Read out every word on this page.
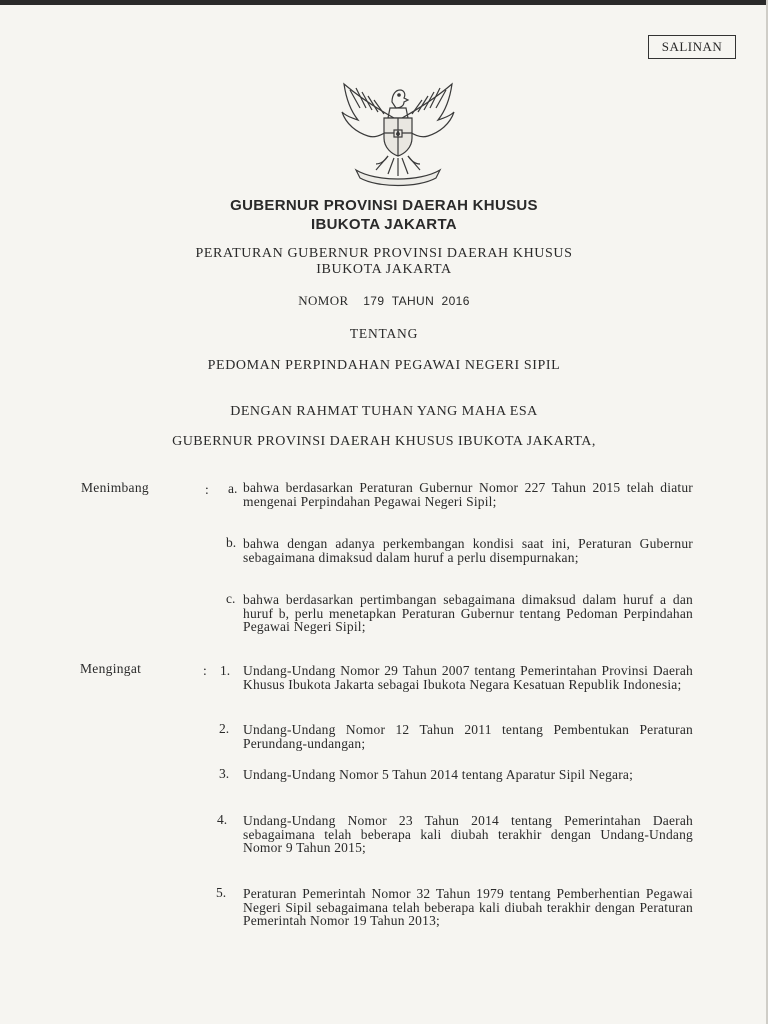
SALINAN
GUBERNUR PROVINSI DAERAH KHUSUS
IBUKOTA JAKARTA
PERATURAN GUBERNUR PROVINSI DAERAH KHUSUS
IBUKOTA JAKARTA
NOMOR 179 TAHUN 2016
TENTANG
PEDOMAN PERPINDAHAN PEGAWAI NEGERI SIPIL
DENGAN RAHMAT TUHAN YANG MAHA ESA
GUBERNUR PROVINSI DAERAH KHUSUS IBUKOTA JAKARTA,
Menimbang	: a. bahwa berdasarkan Peraturan Gubernur Nomor 227 Tahun 2015 telah diatur mengenai Perpindahan Pegawai Negeri Sipil;
b. bahwa dengan adanya perkembangan kondisi saat ini, Peraturan Gubernur sebagaimana dimaksud dalam huruf a perlu disempurnakan;
c. bahwa berdasarkan pertimbangan sebagaimana dimaksud dalam huruf a dan huruf b, perlu menetapkan Peraturan Gubernur tentang Pedoman Perpindahan Pegawai Negeri Sipil;
Mengingat	: 1. Undang-Undang Nomor 29 Tahun 2007 tentang Pemerintahan Provinsi Daerah Khusus Ibukota Jakarta sebagai Ibukota Negara Kesatuan Republik Indonesia;
2. Undang-Undang Nomor 12 Tahun 2011 tentang Pembentukan Peraturan Perundang-undangan;
3. Undang-Undang Nomor 5 Tahun 2014 tentang Aparatur Sipil Negara;
4. Undang-Undang Nomor 23 Tahun 2014 tentang Pemerintahan Daerah sebagaimana telah beberapa kali diubah terakhir dengan Undang-Undang Nomor 9 Tahun 2015;
5. Peraturan Pemerintah Nomor 32 Tahun 1979 tentang Pemberhentian Pegawai Negeri Sipil sebagaimana telah beberapa kali diubah terakhir dengan Peraturan Pemerintah Nomor 19 Tahun 2013;
